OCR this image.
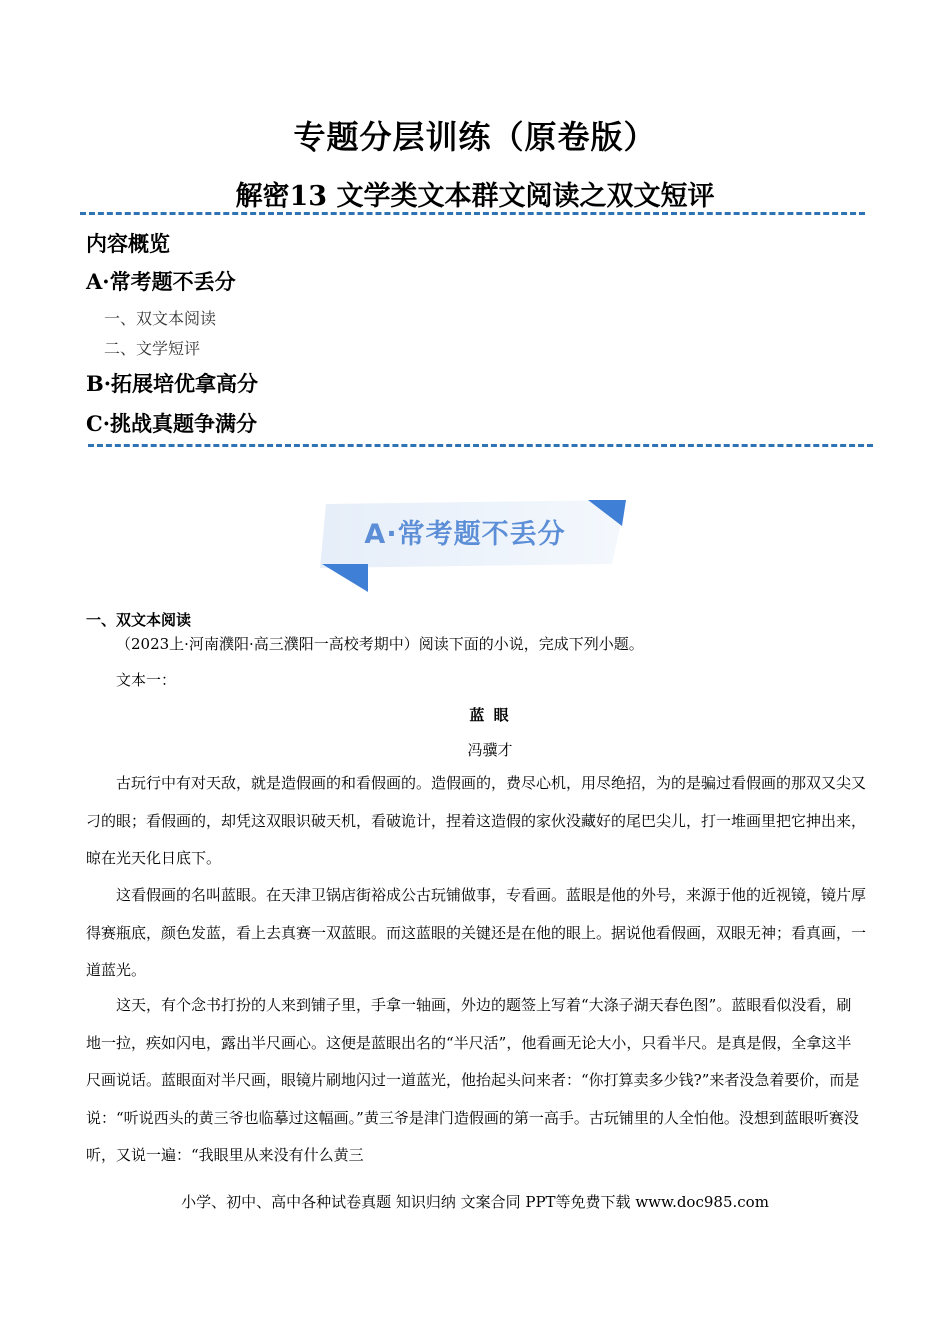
专题分层训练（原卷版）
解密13 文学类文本群文阅读之双文短评
内容概览
A·常考题不丢分
一、双文本阅读
二、文学短评
B·拓展培优拿高分
C·挑战真题争满分
A·常考题不丢分
一、双文本阅读
（2023上·河南濮阳·高三濮阳一高校考期中）阅读下面的小说，完成下列小题。
文本一：
蓝 眼
冯骥才
古玩行中有对天敌，就是造假画的和看假画的。造假画的，费尽心机，用尽绝招，为的是骗过看假画的那双又尖又刁的眼；看假画的，却凭这双眼识破天机，看破诡计，捏着这造假的家伙没藏好的尾巴尖儿，打一堆画里把它抻出来，晾在光天化日底下。
这看假画的名叫蓝眼。在天津卫锅店街裕成公古玩铺做事，专看画。蓝眼是他的外号，来源于他的近视镜，镜片厚得赛瓶底，颜色发蓝，看上去真赛一双蓝眼。而这蓝眼的关键还是在他的眼上。据说他看假画，双眼无神；看真画，一道蓝光。
这天，有个念书打扮的人来到铺子里，手拿一轴画，外边的题签上写着“大涤子湖天春色图”。蓝眼看似没看，刷地一拉，疾如闪电，露出半尺画心。这便是蓝眼出名的“半尺活”，他看画无论大小，只看半尺。是真是假，全拿这半尺画说话。蓝眼面对半尺画，眼镜片刷地闪过一道蓝光，他抬起头问来者：“你打算卖多少钱?”来者没急着要价，而是说：“听说西头的黄三爷也临摹过这幅画。”黄三爷是津门造假画的第一高手。古玩铺里的人全怕他。没想到蓝眼听赛没听，又说一遍：“我眼里从来没有什么黄三
小学、初中、高中各种试卷真题 知识归纳 文案合同 PPT等免费下载 www.doc985.com
